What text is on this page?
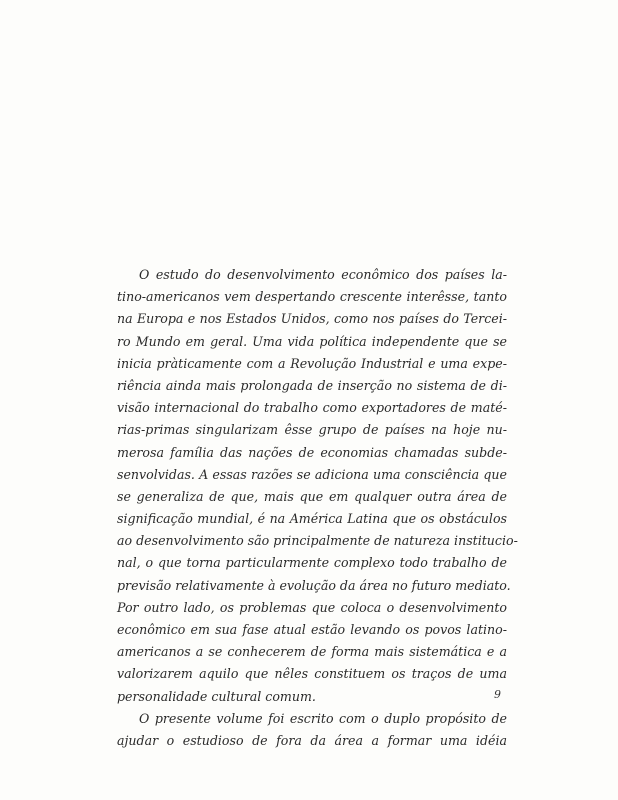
O estudo do desenvolvimento econômico dos países la-
tino-americanos vem despertando crescente interêsse, tanto
na Europa e nos Estados Unidos, como nos países do Tercei-
ro Mundo em geral. Uma vida política independente que se
inicia pràticamente com a Revolução Industrial e uma expe-
riência ainda mais prolongada de inserção no sistema de di-
visão internacional do trabalho como exportadores de maté-
rias-primas singularizam êsse grupo de países na hoje nu-
merosa família das nações de economias chamadas subde-
senvolvidas. A essas razões se adiciona uma consciência que
se generaliza de que, mais que em qualquer outra área de
significação mundial, é na América Latina que os obstáculos
ao desenvolvimento são principalmente de natureza institucio-
nal, o que torna particularmente complexo todo trabalho de
previsão relativamente à evolução da área no futuro mediato.
Por outro lado, os problemas que coloca o desenvolvimento
econômico em sua fase atual estão levando os povos latino-
americanos a se conhecerem de forma mais sistemática e a
valorizarem aquilo que nêles constituem os traços de uma
personalidade cultural comum.
O presente volume foi escrito com o duplo propósito de
ajudar o estudioso de fora da área a formar uma idéia
9
